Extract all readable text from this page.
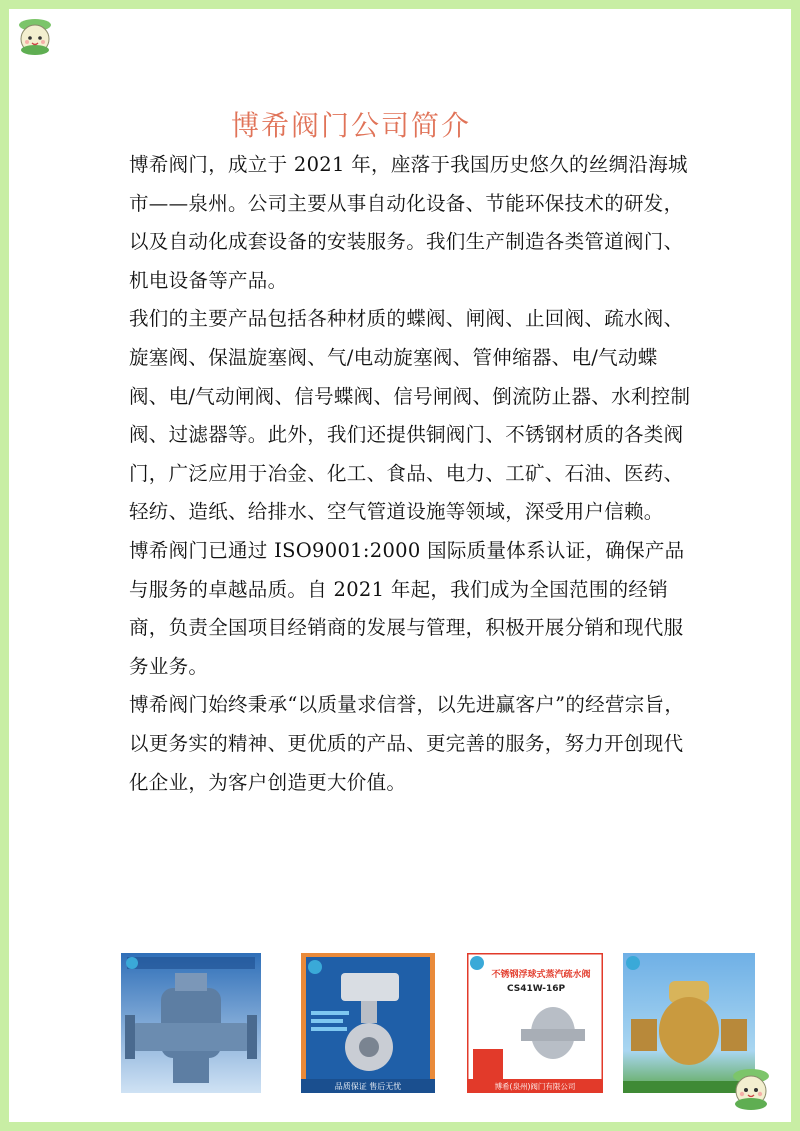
博希阀门公司简介

博希阀门，成立于 2021 年，座落于我国历史悠久的丝绸沿海城市——泉州。公司主要从事自动化设备、节能环保技术的研发，以及自动化成套设备的安装服务。我们生产制造各类管道阀门、机电设备等产品。

我们的主要产品包括各种材质的蝶阀、闸阀、止回阀、疏水阀、旋塞阀、保温旋塞阀、气/电动旋塞阀、管伸缩器、电/气动蝶阀、电/气动闸阀、信号蝶阀、信号闸阀、倒流防止器、水利控制阀、过滤器等。此外，我们还提供铜阀门、不锈钢材质的各类阀门，广泛应用于冶金、化工、食品、电力、工矿、石油、医药、轻纺、造纸、给排水、空气管道设施等领域，深受用户信赖。

博希阀门已通过 ISO9001:2000 国际质量体系认证，确保产品与服务的卓越品质。自 2021 年起，我们成为全国范围的经销商，负责全国项目经销商的发展与管理，积极开展分销和现代服务业务。

博希阀门始终秉承“以质量求信誉，以先进赢客户”的经营宗旨，以更务实的精神、更优质的产品、更完善的服务，努力开创现代化企业，为客户创造更大价值。

品质保证 售后无忧
不锈钢浮球式蒸汽疏水阀
CS41W-16P
博希(泉州)阀门有限公司
